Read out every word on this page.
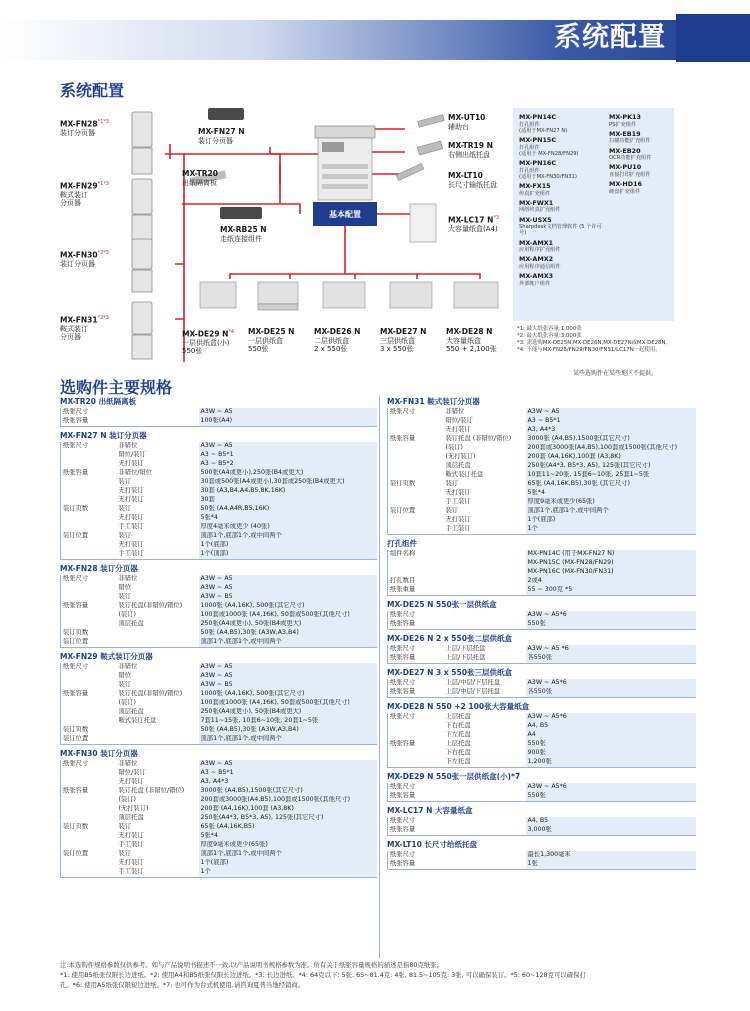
系统配置
系统配置
基本配置
$MX-FN28^{*1*3}$
装订分页器	MX-FN27 N
装订分页器
MX-TR20
出纸隔离板
$MX-FN29^{*1*3}$
鞍式装订
分页器
MX-RB25 N
走纸连接组件
$MX-FN30^{*2*3}$
装订分页器
$MX-FN31^{*2*3}$
鞍式装订
分页器
MX-UT10
辅助台
MX-TR19 N
右侧出纸托盘
MX-LT10
长尺寸输纸托盘
MX-LC17 $N^{*3}$
大容量纸盒(A4)
MX-DE29 $N^{*4}$
一层供纸盒(小)
550张
MX-DE25 N
一层供纸盒
550张
MX-DE26 N
二层供纸盒
2 x 550张
MX-DE27 N
三层供纸盒
3 x 550张
MX-DE28 N
大容量纸盒
550 + 2,100张
MX-PN14C
打孔组件
(适用于MX-FN27 N)
MX-PN15C
打孔组件
(适用于 MX-FN28/FN29)
MX-PN16C
打孔组件
(适用于MX-FN30/FN31)
MX-FX15
传真扩充组件
MX-FWX1
网络传真扩充组件
MX-USX5
Sharpdesk文档管理软件 (5 个许可号)
MX-AMX1
应用程序扩充组件
MX-AMX2
应用程序通信组件
MX-AMX3
外部帐户组件
MX-PK13
PS扩充组件
MX-EB19
扫描功能扩充组件
MX-EB20
OCR功能扩充组件
MX-PU10
直接打印扩充组件
MX-HD16
硬盘扩充组件
*1: 最大纸张容量:1,000张
*2: 最大纸张容量:3,000张
*3: 需选购MX-DE25N,MX-DE26N,MX-DE27N或MX-DE28N。
*4: 不能与MX-FN28/FN29/FN30/FN31/LC17N一起使用。
某些选购件在某些地区不提供。
选购件主要规格
MX-TR20 出纸隔离板
纸张尺寸		A3W ~ A5
纸张容量		100张(A4)
MX-FN27 N 装订分页器
纸张尺寸	非错位	A3W ~ A5
	错位/装订	A3 ~ B5*1
	无打装订	A3 ~ B5*2
纸张容量	非错位/错位	500张(A4或更小),250张(B4或更大)
	装订	30套或500张(A4或更小),30套或250张(B4或更大)
	无打装订	30套 (A3,B4,A4,B5,8K,16K)
	无打装订	30套
装订页数	装订	50张 (A4,A4R,B5,16K)
	无打装订	5张*4
	手工装订	厚度4毫米或更少 (40张)
装订位置	装订	顶部1个,底部1个,或中间两个
	无打装订	1个(底部)
	手工装订	1个(顶部)
MX-FN28 装订分页器
纸张尺寸	非错位	A3W ~ A5
	错位	A3W ~ A5
	装订	A3W ~ B5
纸张容量	装订托盘(非错位/错位)	1000张 (A4,16K), 500张(其它尺寸)
	(装订)	100套或1000张 (A4,16K), 50套或500张(其他尺寸)
	顶层托盘	250张(A4或更小), 50张(B4或更大)
装订页数		50张 (A4,B5),30张 (A3W,A3,B4)
装订位置		顶部1个,底部1个,或中间两个
MX-FN29 鞍式装订分页器
纸张尺寸	非错位	A3W ~ A5
	错位	A3W ~ A5
	装订	A3W ~ B5
纸张容量	装订托盘(非错位/错位)	1000张 (A4,16K), 500张(其它尺寸)
	(装订)	100套或1000张 (A4,16K), 50套或500张(其他尺寸)
	顶层托盘	250张(A4或更小), 50张(B4或更大)
	鞍式装订托盘	7套11~15张, 10套6~10张, 20套1~5张
装订页数		50张 (A4,B5),30张 (A3W,A3,B4)
装订位置		顶部1个,底部1个,或中间两个
MX-FN30 装订分页器
纸张尺寸	非错位	A3W ~ A5
	错位/装订	A3 ~ B5*1
	无打装订	A3, A4*3
纸张容量	装订托盘 (非错位/错位)	3000张 (A4,B5),1500张(其它尺寸)
	(装订)	200套或3000张(A4,B5),100套或1500张(其他尺寸)
	(无打装订)	200套 (A4,16K),100套 (A3,8K)
	顶层托盘	250张(A4*3, B5*3, A5), 125张(其它尺寸)
装订页数	装订	65张 (A4,16K,B5)
	无打装订	5张*4
	手工装订	厚度9毫米或更少(65张)
装订位置	装订	顶部1个,底部1个,或中间两个
	无打装订	1个(底部)
	手工装订	1个
MX-FN31 鞍式装订分页器
纸张尺寸	非错位	A3W ~ A5
	错位/装订	A3 ~ B5*1
	无打装订	A3, A4*3
纸张容量	装订托盘 (非错位/错位)	3000张 (A4,B5),1500张(其它尺寸)
	(装订)	200套或3000张(A4,B5),100套或1500张(其他尺寸)
	(无打装订)	200套 (A4,16K),100套 (A3,8K)
	顶层托盘	250张(A4*3, B5*3, A5), 125张(其它尺寸)
	鞍式装订托盘	10套11~20张, 15套6~10张, 25套1~5张
装订页数	装订	65张 (A4,16K,B5),30张 (其它尺寸)
	无打装订	5张*4
	手工装订	厚度9毫米或更少(65张)
装订位置	装订	顶部1个,底部1个,或中间两个
	无打装订	1个(底部)
	手工装订	1个
打孔组件
组件名称		MX-PN14C (用于MX-FN27 N)
		MX-PN15C (MX-FN28/FN29)
		MX-PN16C (MX-FN30/FN31)
打孔数目		2或4
纸张重量		55 ~ 300克 *5
MX-DE25 N 550张一层供纸盒
纸张尺寸		A3W ~ A5*6
纸张容量		550张
MX-DE26 N 2 x 550张二层供纸盒
纸张尺寸	上层/下层托盘	A3W ~ A5 *6
纸张容量	上层/下层托盘	各550张
MX-DE27 N 3 x 550张三层供纸盒
纸张尺寸	上层/中层/下层托盘	A3W ~ A5*6
纸张容量	上层/中层/下层托盘	各550张
MX-DE28 N 550 +2 100张大容量纸盒
纸张尺寸	上层托盘	A3W ~ A5*6
	下右托盘	A4, B5
	下左托盘	A4
纸张容量	上层托盘	550张
	下右托盘	900张
	下左托盘	1,200张
MX-DE29 N 550张一层供纸盒(小)*7
纸张尺寸		A3W ~ A5*6
纸张容量		550张
MX-LC17 N 大容量纸盒
纸张尺寸		A4, B5
纸张容量		3,000张
MX-LT10 长尺寸给纸托盘
纸张尺寸		最长1,300毫米
纸张容量		1张
注:本选购件规格参数仅供参考。如与产品说明书描述不一致,以产品说明书规格参数为准。所有关于纸张容量规格的描述是指80克纸张。
*1: 使用B5纸张仅限长边进纸。*2: 使用A4和B5纸张仅限长边进纸。*3: 长边进纸。*4: 64克以下: 5张, 65~81.4克: 4张, 81.5~105克: 3张, 可以确保装订。*5: 60~128克可以確保打
孔。*6: 使用A5纸张仅限短边进纸。*7: 也可作为台式机使用,请咨询夏普当地经销商。
